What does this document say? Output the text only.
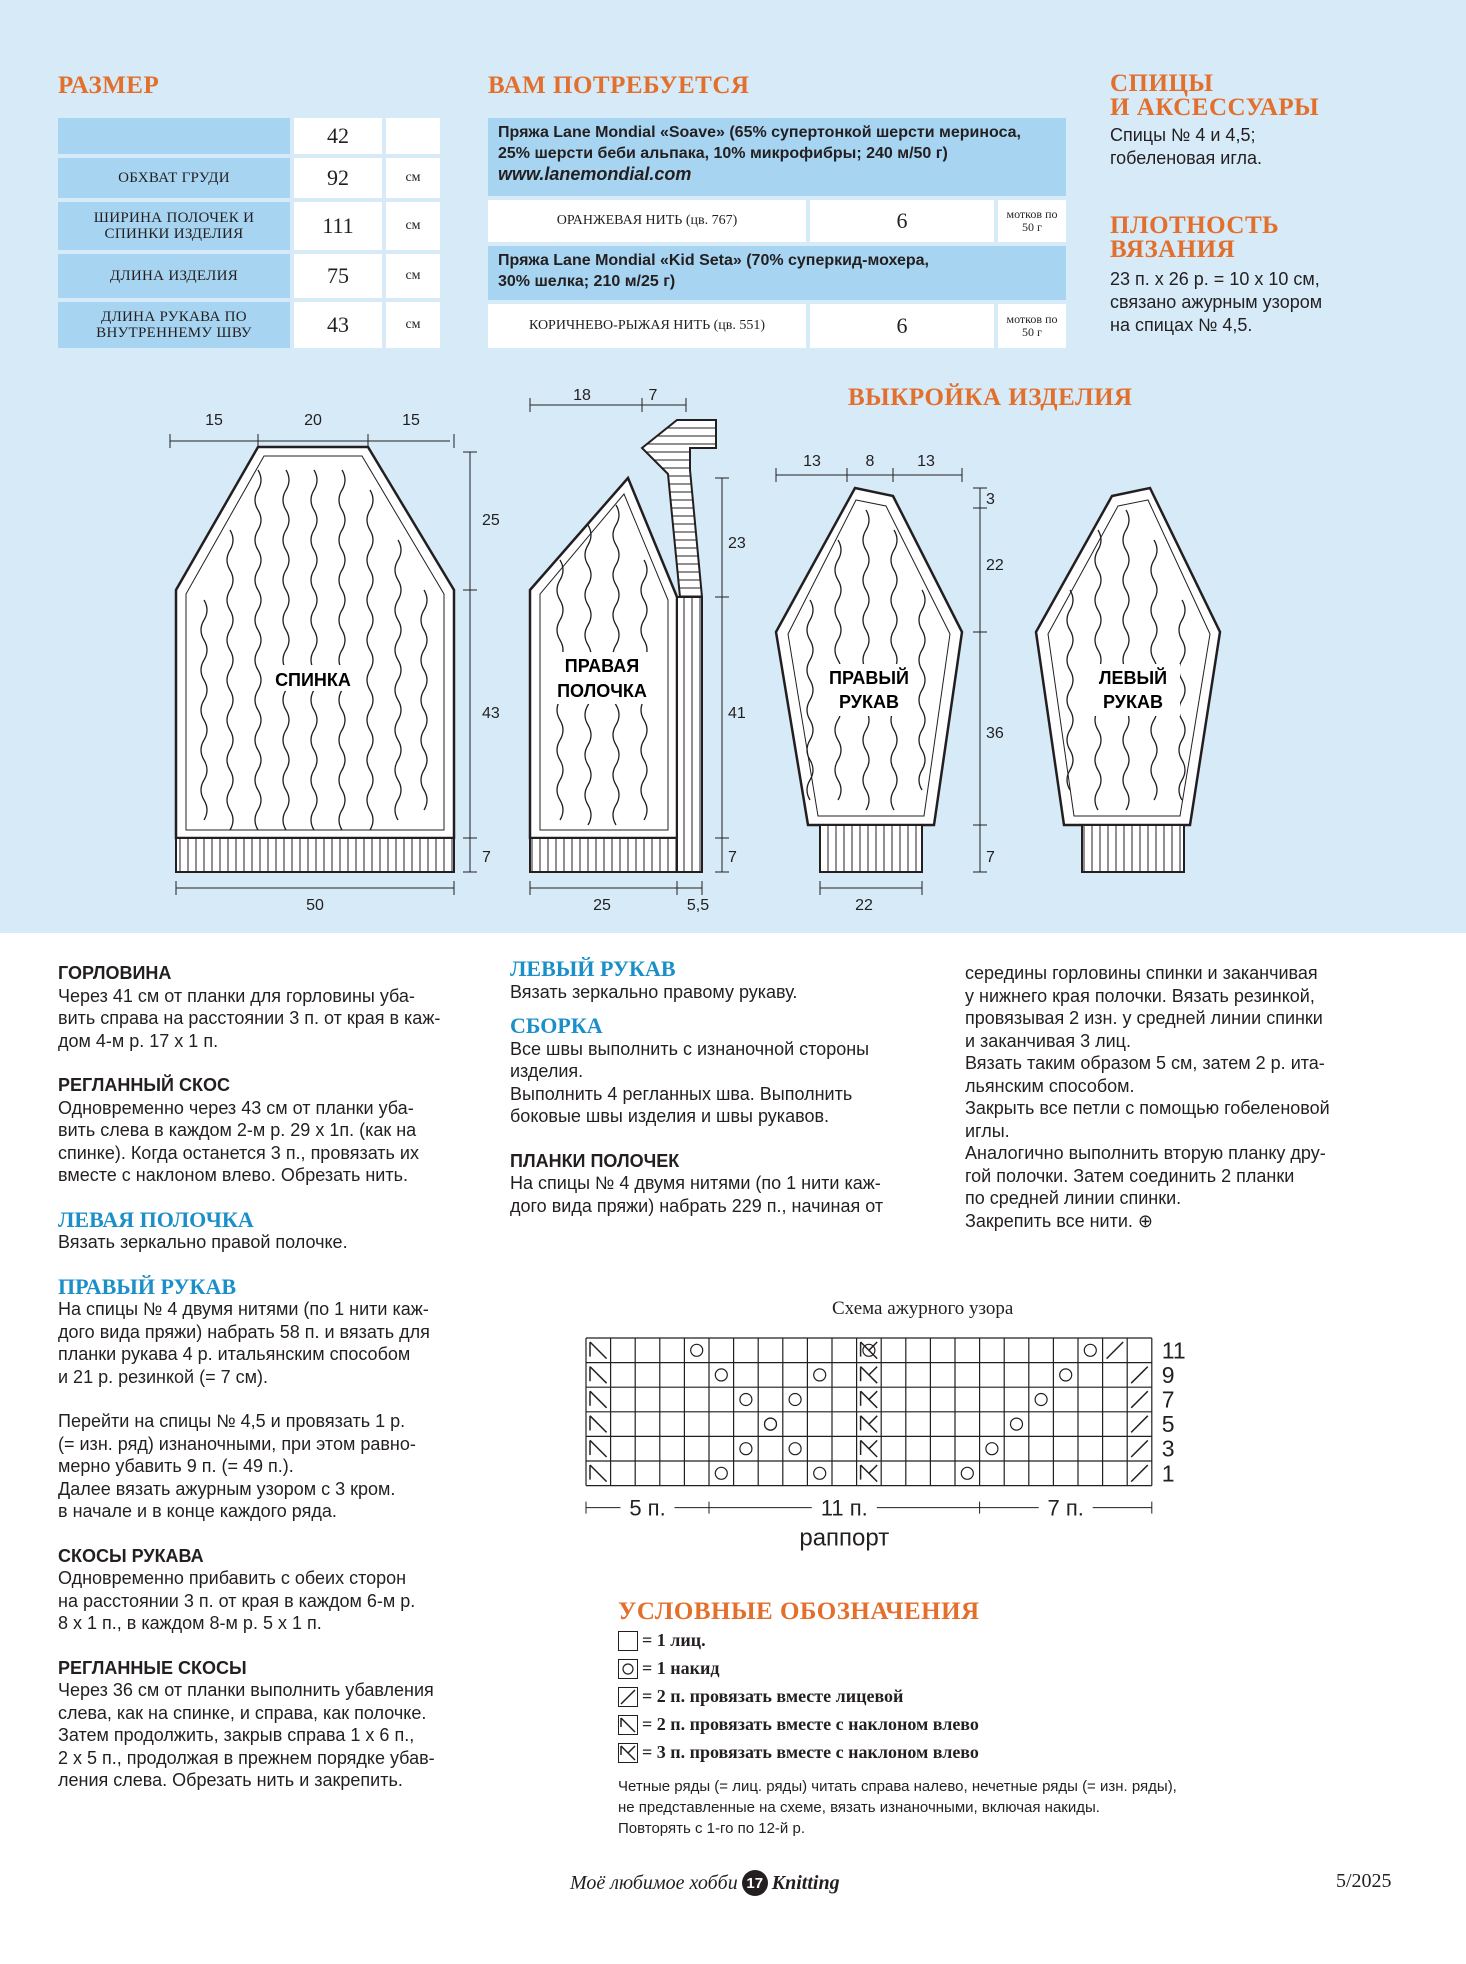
РАЗМЕР
42
ОБХВАТ ГРУДИ	92	см
ШИРИНА ПОЛОЧЕК И СПИНКИ ИЗДЕЛИЯ	111	см
ДЛИНА ИЗДЕЛИЯ	75	см
ДЛИНА РУКАВА ПО ВНУТРЕННЕМУ ШВУ	43	см
ВАМ ПОТРЕБУЕТСЯ
Пряжа Lane Mondial «Soave» (65% супертонкой шерсти мериноса,
25% шерсти беби альпака, 10% микрофибры; 240 м/50 г)
www.lanemondial.com
ОРАНЖЕВАЯ НИТЬ (цв. 767)	6	мотков по 50 г
Пряжа Lane Mondial «Kid Seta» (70% суперкид-мохера,
30% шелка; 210 м/25 г)
КОРИЧНЕВО-РЫЖАЯ НИТЬ (цв. 551)	6	мотков по 50 г
СПИЦЫ
И АКСЕССУАРЫ
Спицы № 4 и 4,5;
гобеленовая игла.
ПЛОТНОСТЬ
ВЯЗАНИЯ
23 п. х 26 р. = 10 х 10 см,
связано ажурным узором
на спицах № 4,5.
ВЫКРОЙКА ИЗДЕЛИЯ
СПИНКА
15	20	15
25
43
7
50
ПРАВАЯ
ПОЛОЧКА
18	7
23
41
7
25	5,5
ПРАВЫЙ
РУКАВ
13	8	13
3
22
36
7
22
ЛЕВЫЙ
РУКАВ
ГОРЛОВИНА

Через 41 см от планки для горловины уба-

вить справа на расстоянии 3 п. от края в каж-

дом 4-м р. 17 х 1 п.

РЕГЛАННЫЙ СКОС

Одновременно через 43 см от планки уба-

вить слева в каждом 2-м р. 29 х 1п. (как на

спинке). Когда останется 3 п., провязать их

вместе с наклоном влево. Обрезать нить.

ЛЕВАЯ ПОЛОЧКА

Вязать зеркально правой полочке.

ПРАВЫЙ РУКАВ

На спицы № 4 двумя нитями (по 1 нити каж-

дого вида пряжи) набрать 58 п. и вязать для

планки рукава 4 р. итальянским способом

и 21 р. резинкой (= 7 см).

Перейти на спицы № 4,5 и провязать 1 р.

(= изн. ряд) изнаночными, при этом равно-

мерно убавить 9 п. (= 49 п.).

Далее вязать ажурным узором с 3 кром.

в начале и в конце каждого ряда.

СКОСЫ РУКАВА

Одновременно прибавить с обеих сторон

на расстоянии 3 п. от края в каждом 6-м р.

8 х 1 п., в каждом 8-м р. 5 х 1 п.

РЕГЛАННЫЕ СКОСЫ

Через 36 см от планки выполнить убавления

слева, как на спинке, и справа, как полочке.

Затем продолжить, закрыв справа 1 х 6 п.,

2 х 5 п., продолжая в прежнем порядке убав-

ления слева. Обрезать нить и закрепить.

ЛЕВЫЙ РУКАВ

Вязать зеркально правому рукаву.

СБОРКА

Все швы выполнить с изнаночной стороны

изделия.

Выполнить 4 регланных шва. Выполнить

боковые швы изделия и швы рукавов.

ПЛАНКИ ПОЛОЧЕК

На спицы № 4 двумя нитями (по 1 нити каж-

дого вида пряжи) набрать 229 п., начиная от

середины горловины спинки и заканчивая

у нижнего края полочки. Вязать резинкой,

провязывая 2 изн. у средней линии спинки

и заканчивая 3 лиц.

Вязать таким образом 5 см, затем 2 р. ита-

льянским способом.

Закрыть все петли с помощью гобеленовой

иглы.

Аналогично выполнить вторую планку дру-

гой полочки. Затем соединить 2 планки

по средней линии спинки.

Закрепить все нити. ⊕

Схема ажурного узора
11
9
7
5
3
1
5 п.	11 п.	7 п.
раппорт
УСЛОВНЫЕ ОБОЗНАЧЕНИЯ
= 1 лиц.
= 1 накид
= 2 п. провязать вместе лицевой
= 2 п. провязать вместе с наклоном влево
= 3 п. провязать вместе с наклоном влево
Четные ряды (= лиц. ряды) читать справа налево, нечетные ряды (= изн. ряды),
не представленные на схеме, вязать изнаночными, включая накиды.
Повторять с 1-го по 12-й р.
Моё любимое хобби 17 Knitting	5/2025
